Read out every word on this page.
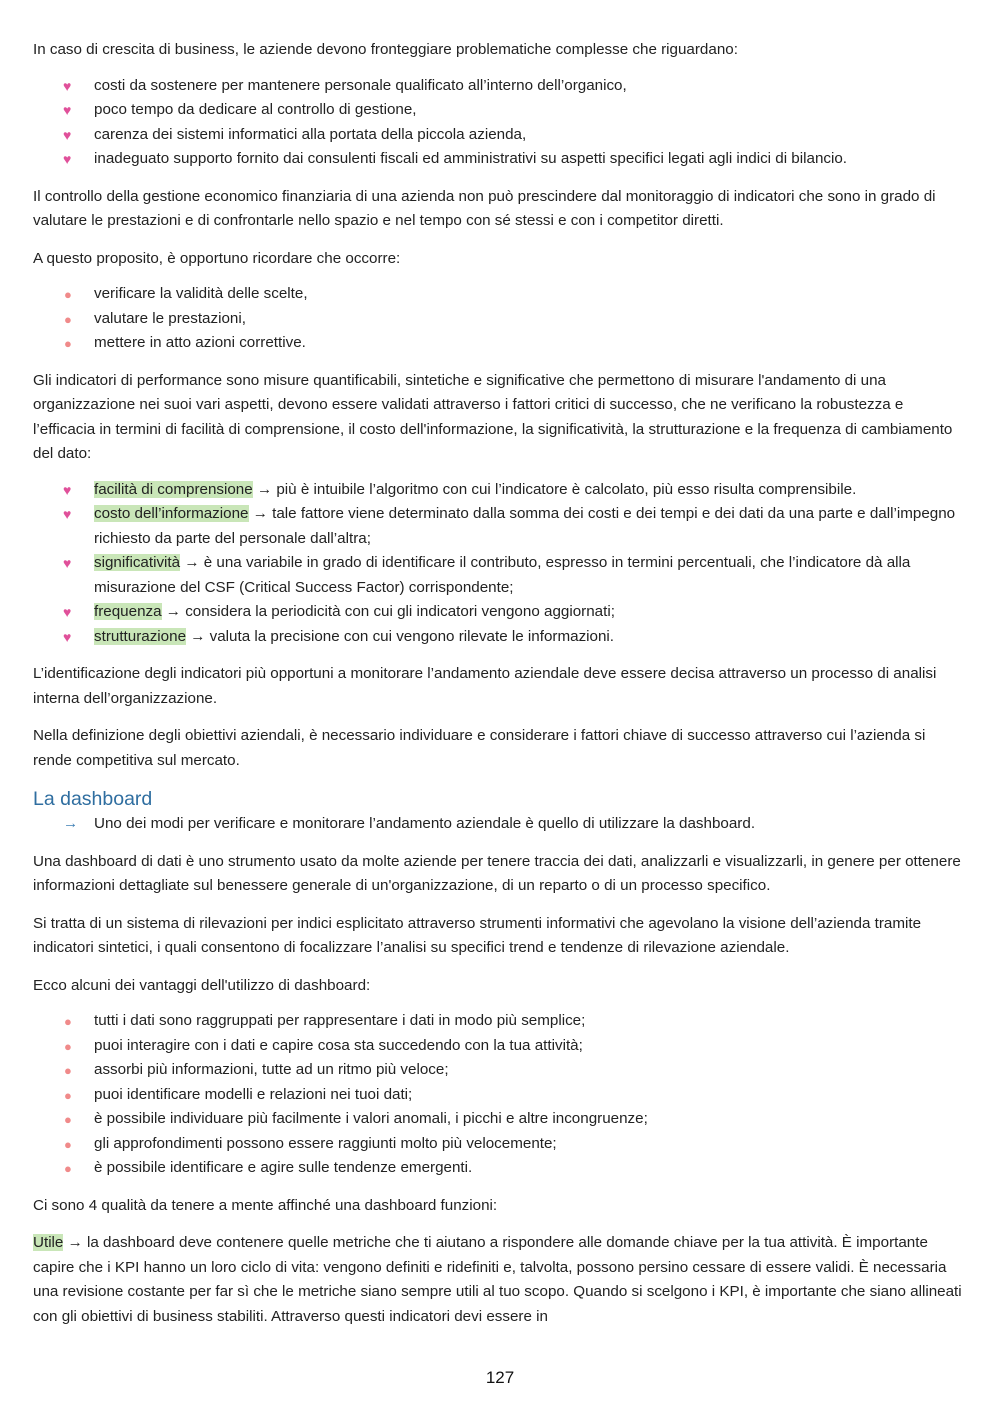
In caso di crescita di business, le aziende devono fronteggiare problematiche complesse che riguardano:

♥ costi da sostenere per mantenere personale qualificato all’interno dell’organico,
♥ poco tempo da dedicare al controllo di gestione,
♥ carenza dei sistemi informatici alla portata della piccola azienda,
♥ inadeguato supporto fornito dai consulenti fiscali ed amministrativi su aspetti specifici legati agli indici di bilancio.

Il controllo della gestione economico finanziaria di una azienda non può prescindere dal monitoraggio di indicatori che sono in grado di valutare le prestazioni e di confrontarle nello spazio e nel tempo con sé stessi e con i competitor diretti.

A questo proposito, è opportuno ricordare che occorre:

● verificare la validità delle scelte,
● valutare le prestazioni,
● mettere in atto azioni correttive.

Gli indicatori di performance sono misure quantificabili, sintetiche e significative che permettono di misurare l'andamento di una organizzazione nei suoi vari aspetti, devono essere validati attraverso i fattori critici di successo, che ne verificano la robustezza e l’efficacia in termini di facilità di comprensione, il costo dell'informazione, la significatività, la strutturazione e la frequenza di cambiamento del dato:

♥ facilità di comprensione → più è intuibile l’algoritmo con cui l’indicatore è calcolato, più esso risulta comprensibile.
♥ costo dell’informazione → tale fattore viene determinato dalla somma dei costi e dei tempi e dei dati da una parte e dall’impegno richiesto da parte del personale dall’altra;
♥ significatività → è una variabile in grado di identificare il contributo, espresso in termini percentuali, che l’indicatore dà alla misurazione del CSF (Critical Success Factor) corrispondente;
♥ frequenza → considera la periodicità con cui gli indicatori vengono aggiornati;
♥ strutturazione → valuta la precisione con cui vengono rilevate le informazioni.

L’identificazione degli indicatori più opportuni a monitorare l’andamento aziendale deve essere decisa attraverso un processo di analisi interna dell’organizzazione.

Nella definizione degli obiettivi aziendali, è necessario individuare e considerare i fattori chiave di successo attraverso cui l’azienda si rende competitiva sul mercato.

La dashboard
→ Uno dei modi per verificare e monitorare l’andamento aziendale è quello di utilizzare la dashboard.

Una dashboard di dati è uno strumento usato da molte aziende per tenere traccia dei dati, analizzarli e visualizzarli, in genere per ottenere informazioni dettagliate sul benessere generale di un'organizzazione, di un reparto o di un processo specifico.

Si tratta di un sistema di rilevazioni per indici esplicitato attraverso strumenti informativi che agevolano la visione dell’azienda tramite indicatori sintetici, i quali consentono di focalizzare l’analisi su specifici trend e tendenze di rilevazione aziendale.

Ecco alcuni dei vantaggi dell'utilizzo di dashboard:

● tutti i dati sono raggruppati per rappresentare i dati in modo più semplice;
● puoi interagire con i dati e capire cosa sta succedendo con la tua attività;
● assorbi più informazioni, tutte ad un ritmo più veloce;
● puoi identificare modelli e relazioni nei tuoi dati;
● è possibile individuare più facilmente i valori anomali, i picchi e altre incongruenze;
● gli approfondimenti possono essere raggiunti molto più velocemente;
● è possibile identificare e agire sulle tendenze emergenti.

Ci sono 4 qualità da tenere a mente affinché una dashboard funzioni:

Utile → la dashboard deve contenere quelle metriche che ti aiutano a rispondere alle domande chiave per la tua attività. È importante capire che i KPI hanno un loro ciclo di vita: vengono definiti e ridefiniti e, talvolta, possono persino cessare di essere validi. È necessaria una revisione costante per far sì che le metriche siano sempre utili al tuo scopo. Quando si scelgono i KPI, è importante che siano allineati con gli obiettivi di business stabiliti. Attraverso questi indicatori devi essere in

127
